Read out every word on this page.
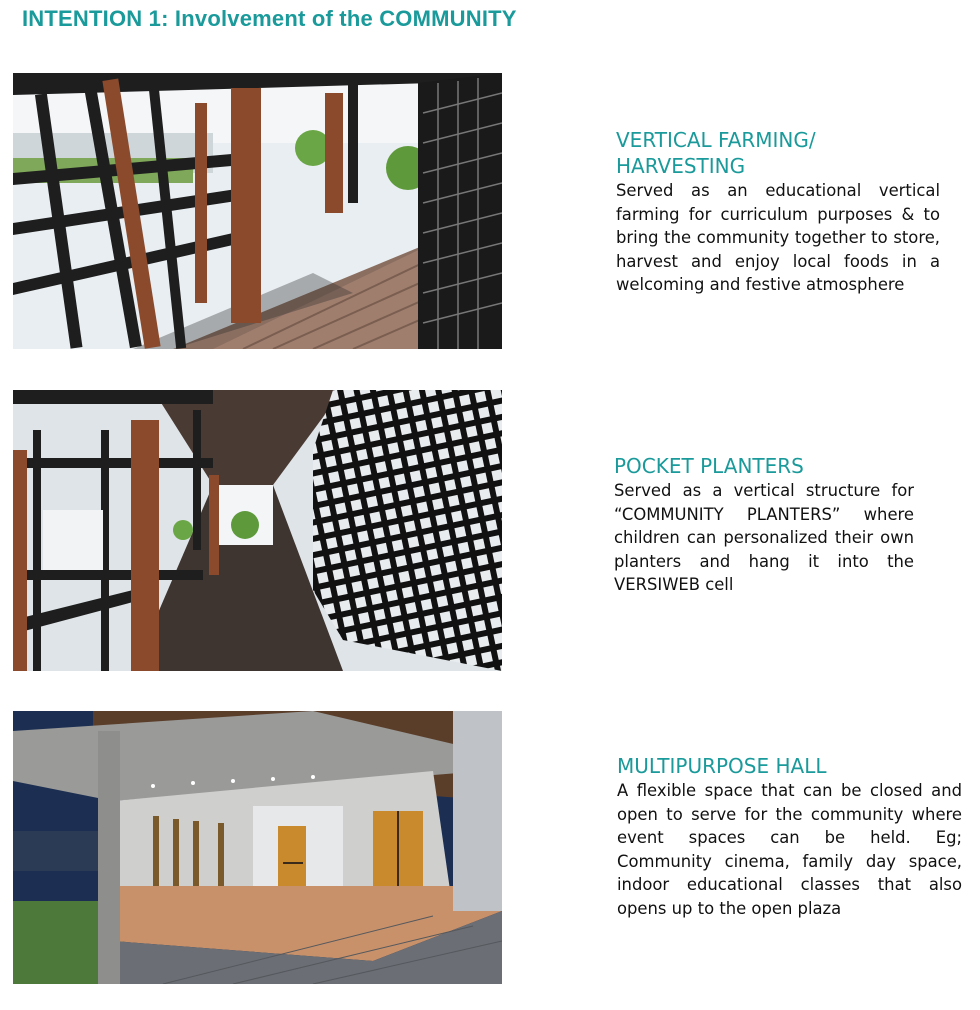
INTENTION 1: Involvement of the COMMUNITY
VERTICAL FARMING/ HARVESTING

Served as an educational vertical farming for curriculum purposes & to bring the community together to store, harvest and enjoy local foods in a welcoming and festive atmosphere

POCKET PLANTERS

Served as a vertical structure for “COMMUNITY PLANTERS” where children can personalized their own planters and hang it into the VERSIWEB cell

MULTIPURPOSE HALL

A flexible space that can be closed and open to serve for the community where event spaces can be held. Eg; Community cinema, family day space, indoor educational classes that also opens up to the open plaza
